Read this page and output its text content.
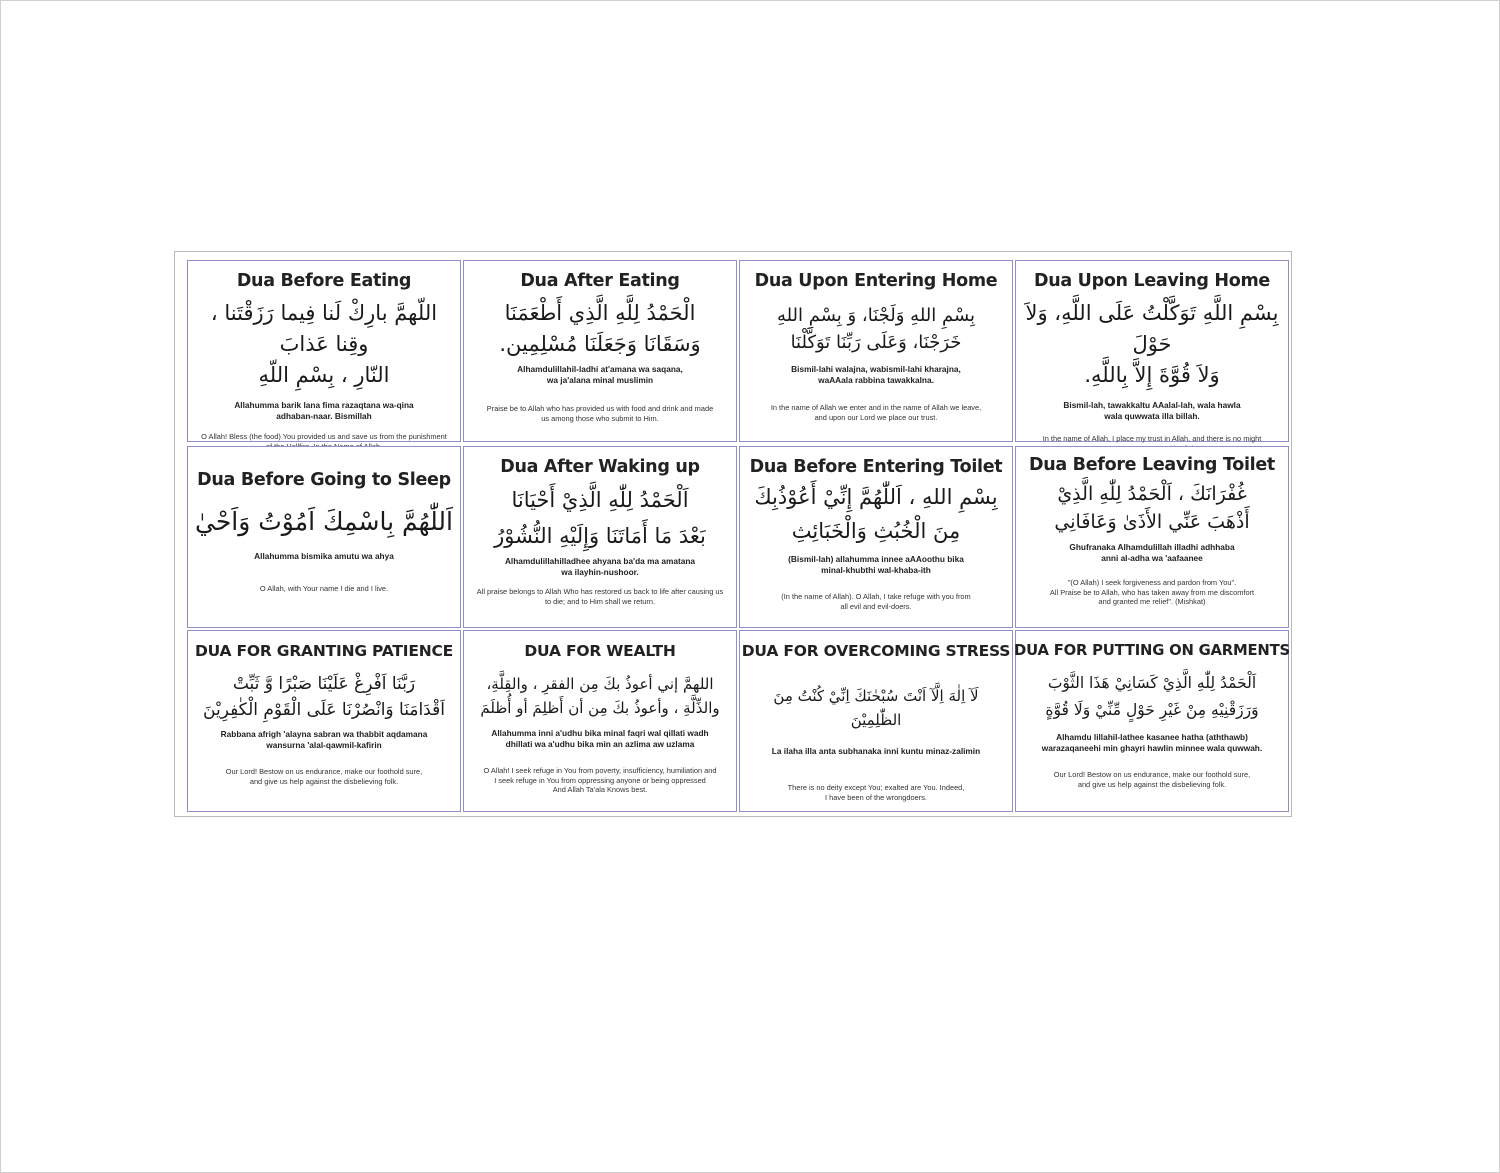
Dua Before Eating
اللّهمَّ بارِكْ لَنا فِيما رَزَقْتَنا ، وقِنا عَذابَ
النّارِ ، بِسْمِ اللّهِ
Allahumma barik lana fima razaqtana wa-qina
adhaban-naar. Bismillah
O Allah! Bless (the food) You provided us and save us from the punishment

Dua After Eating
الْحَمْدُ لِلَّهِ الَّذِي أَطْعَمَنَا
وَسَقَانَا وَجَعَلَنَا مُسْلِمِين.
Alhamdulillahil-ladhi at'amana wa saqana,
wa ja'alana minal muslimin
Praise be to Allah who has provided us with food and drink and made
us among those who submit to Him.
Dua Upon Entering Home
بِسْمِ اللهِ وَلَجْنَا، وَ بِسْمِ اللهِ
خَرَجْنَا، وَعَلَى رَبِّنَا تَوَكَّلْنَا
Bismil-lahi walajna, wabismil-lahi kharajna,
waAAala rabbina tawakkalna.
In the name of Allah we enter and in the name of Allah we leave,
and upon our Lord we place our trust.
Dua Upon Leaving Home
بِسْمِ اللَّهِ تَوَكَّلْتُ عَلَى اللَّهِ، وَلاَ حَوْلَ
وَلاَ قُوَّةَ إِلاَّ بِاللَّهِ.
Bismil-lah, tawakkaltu AAalal-lah, wala hawla
wala quwwata illa billah.
In the name of Allah, I place my trust in Allah, and there is no might

Dua Before Going to Sleep
اَللّٰهُمَّ بِاسْمِكَ اَمُوْتُ وَاَحْيٰ
Allahumma bismika amutu wa ahya
O Allah, with Your name I die and I live.
Dua After Waking up
اَلْحَمْدُ لِلّٰهِ الَّذِيْ أَحْيَانَا
بَعْدَ مَا أَمَاتَنَا وَإِلَيْهِ النُّشُوْرُ
Alhamdulillahilladhee ahyana ba'da ma amatana
wa ilayhin-nushoor.
All praise belongs to Allah Who has restored us back to life after causing us
to die; and to Him shall we return.
Dua Before Entering Toilet
بِسْمِ اللهِ ، اَللّٰهُمَّ إِنِّيْ أَعُوْذُبِكَ
مِنَ الْخُبُثِ وَالْخَبَائِثِ
(Bismil-lah) allahumma innee aAAoothu bika
minal-khubthi wal-khaba-ith
(In the name of Allah). O Allah, I take refuge with you from
all evil and evil-doers.
Dua Before Leaving Toilet
غُفْرَانَكَ ، اَلْحَمْدُ لِلّٰهِ الَّذِيْ
أَذْهَبَ عَنِّي الأَذَىٰ وَعَافَانِي
Ghufranaka Alhamdulillah illadhi adhhaba
anni al-adha wa 'aafaanee
"(O Allah) I seek forgiveness and pardon from You".
All Praise be to Allah, who has taken away from me discomfort
and granted me relief". (Mishkat)
DUA FOR GRANTING PATIENCE
رَبَّنَا اَفْرِغْ عَلَيْنَا صَبْرًا وَّ ثَبِّتْ
اَقْدَامَنَا وَانْصُرْنَا عَلَى الْقَوْمِ الْكٰفِرِيْنَ
Rabbana afrigh 'alayna sabran wa thabbit aqdamana
wansurna 'alal-qawmil-kafirin
Our Lord! Bestow on us endurance, make our foothold sure,
and give us help against the disbelieving folk.
DUA FOR WEALTH
اللهمَّ إني أعوذُ بكَ مِن الفقرِ ، والقِلَّةِ،
والذِّلَّةِ ، وأعوذُ بكَ مِن أن أَظلِمَ أو أُظلَمَ
Allahumma inni a'udhu bika minal faqri wal qillati wadh
dhillati wa a'udhu bika min an azlima aw uzlama
O Allah! I seek refuge in You from poverty, insufficiency, humiliation and
I seek refuge in You from oppressing anyone or being oppressed
And Allah Ta'ala Knows best.
DUA FOR OVERCOMING STRESS
لَآ اِلٰهَ اِلَّآ اَنْتَ سُبْحٰنَكَ اِنِّيْ كُنْتُ مِنَ الظّٰلِمِيْنَ
La ilaha illa anta subhanaka inni kuntu minaz-zalimin
There is no deity except You; exalted are You. Indeed,
I have been of the wrongdoers.
DUA FOR PUTTING ON GARMENTS
اَلْحَمْدُ لِلّٰهِ الَّذِيْ كَسَانِيْ هَذَا الثَّوْبَ
وَرَزَقْنِيْهِ مِنْ غَيْرِ حَوْلٍ مِّنِّيْ وَلَا قُوَّةٍ
Alhamdu lillahil-lathee kasanee hatha (aththawb)
warazaqaneehi min ghayri hawlin minnee wala quwwah.
Our Lord! Bestow on us endurance, make our foothold sure,
and give us help against the disbelieving folk.
